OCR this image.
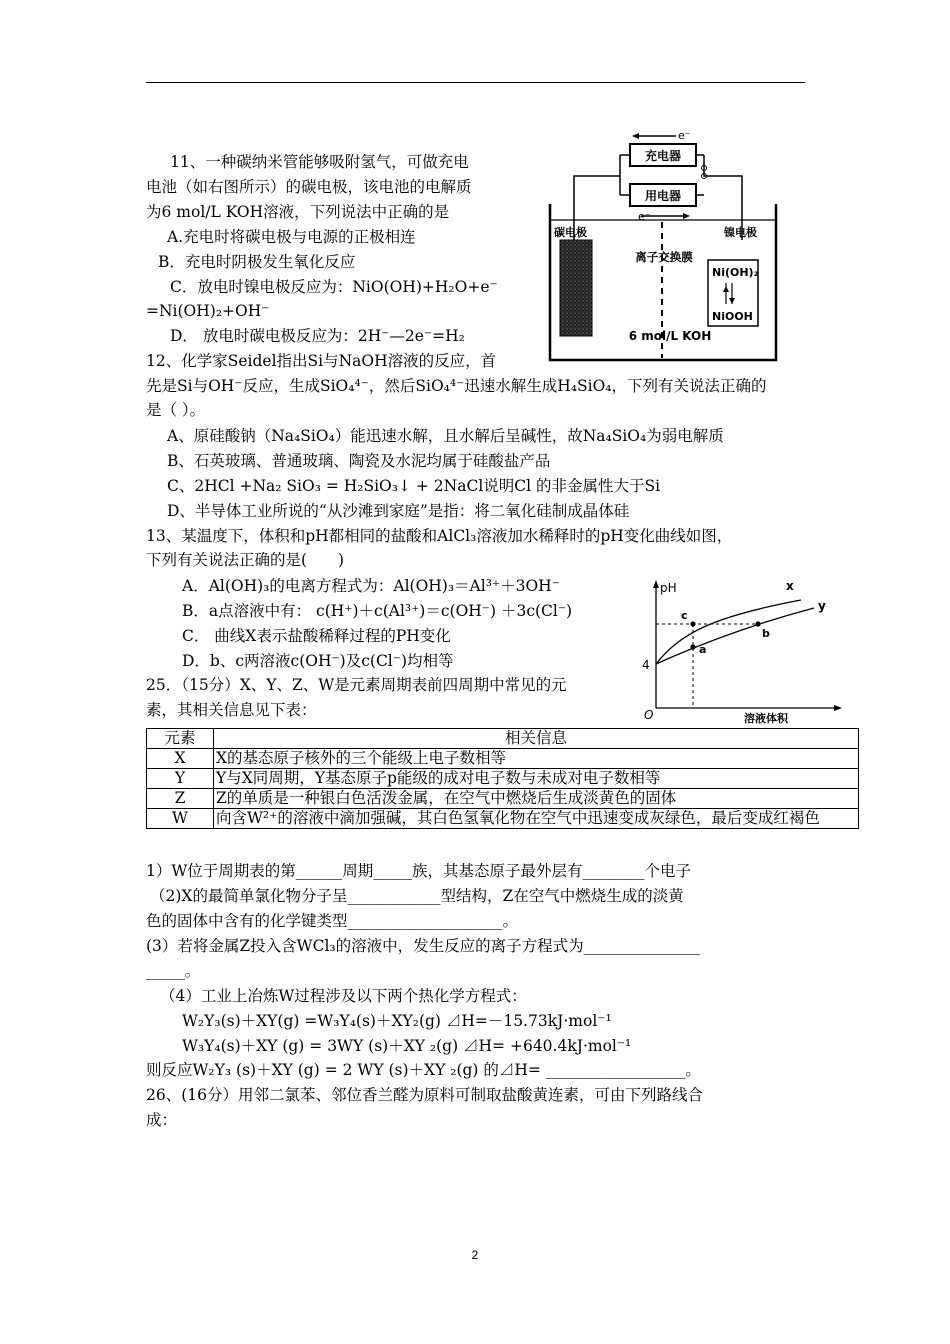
11、一种碳纳米管能够吸附氢气，可做充电
电池（如右图所示）的碳电极，该电池的电解质
为6 mol/L KOH溶液，下列说法中正确的是
A.充电时将碳电极与电源的正极相连
B．充电时阴极发生氧化反应
C．放电时镍电极反应为：NiO(OH)+H₂O+e⁻
=Ni(OH)₂+OH⁻
D． 放电时碳电极反应为：2H⁻—2e⁻=H₂
e⁻
充电器
用电器
e⁻
碳电极
离子交换膜
镍电极
Ni(OH)₂
NiOOH
6 mol/L KOH
12、化学家Seidel指出Si与NaOH溶液的反应，首
先是Si与OH⁻反应，生成SiO₄⁴⁻，然后SiO₄⁴⁻迅速水解生成H₄SiO₄，下列有关说法正确的
是（ ）。
A、原硅酸钠（Na₄SiO₄）能迅速水解，且水解后呈碱性，故Na₄SiO₄为弱电解质
B、石英玻璃、普通玻璃、陶瓷及水泥均属于硅酸盐产品
C、2HCl +Na₂ SiO₃ = H₂SiO₃↓ + 2NaCl说明Cl 的非金属性大于Si
D、半导体工业所说的“从沙滩到家庭”是指：将二氧化硅制成晶体硅
13、某温度下，体积和pH都相同的盐酸和AlCl₃溶液加水稀释时的pH变化曲线如图，
下列有关说法正确的是(　　)
A．Al(OH)₃的电离方程式为：Al(OH)₃＝Al³⁺＋3OH⁻
B．a点溶液中有： c(H⁺)＋c(Al³⁺)＝c(OH⁻) ＋3c(Cl⁻)
C． 曲线X表示盐酸稀释过程的PH变化
D．b、c两溶液c(OH⁻)及c(Cl⁻)均相等
pH
溶液体积
O
4
x
y
c
a
b
25．（15分）X、Y、Z、W是元素周期表前四周期中常见的元
素，其相关信息见下表：
元素	相关信息
X	X的基态原子核外的三个能级上电子数相等
Y	Y与X同周期，Y基态原子p能级的成对电子数与未成对电子数相等
Z	Z的单质是一种银白色活泼金属，在空气中燃烧后生成淡黄色的固体
W	向含W²⁺的溶液中滴加强碱，其白色氢氧化物在空气中迅速变成灰绿色，最后变成红褐色
1）W位于周期表的第______周期_____族，其基态原子最外层有________个电子
（2)X的最简单氯化物分子呈____________型结构，Z在空气中燃烧生成的淡黄
色的固体中含有的化学键类型____________________。
(3）若将金属Z投入含WCl₃的溶液中，发生反应的离子方程式为_______________
_____。
（4）工业上冶炼W过程涉及以下两个热化学方程式：
W₂Y₃(s)＋XY(g) =W₃Y₄(s)＋XY₂(g) ⊿H=－15.73kJ·mol⁻¹
W₃Y₄(s)＋XY (g) = 3WY (s)＋XY ₂(g) ⊿H= +640.4kJ·mol⁻¹
则反应W₂Y₃ (s)＋XY (g) = 2 WY (s)＋XY ₂(g) 的⊿H= __________________。
26、(16分）用邻二氯苯、邻位香兰醛为原料可制取盐酸黄连素，可由下列路线合
成：
2
